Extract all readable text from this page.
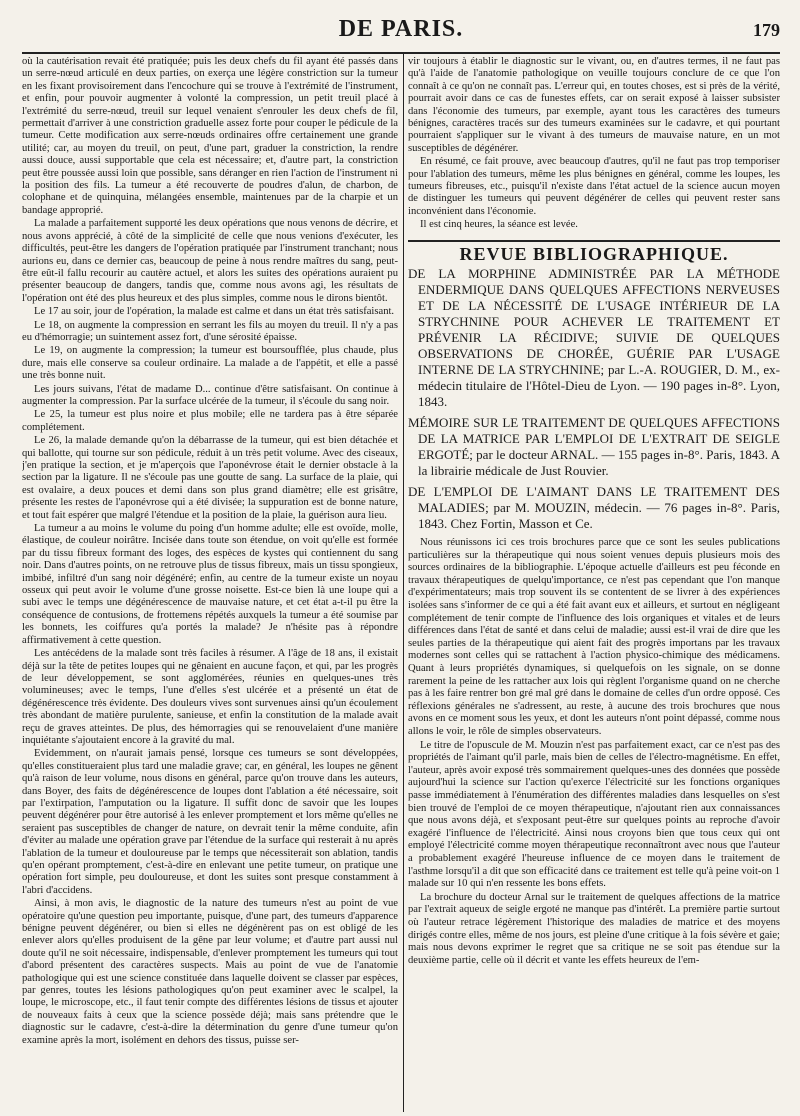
DE PARIS.	179

où la cautérisation revait été pratiquée; puis les deux chefs du fil ayant été passés dans un serre-nœud articulé en deux parties, on exerça une légère constriction sur la tumeur en les fixant provisoirement dans l'encochure qui se trouve à l'extrémité de l'instrument, et enfin, pour pouvoir augmenter à volonté la compression, un petit treuil placé à l'extrémité du serre-nœud, treuil sur lequel venaient s'enrouler les deux chefs de fil, permettait d'arriver à une constriction graduelle assez forte pour couper le pédicule de la tumeur. Cette modification aux serre-nœuds ordinaires offre certainement une grande utilité; car, au moyen du treuil, on peut, d'une part, graduer la constriction, la rendre aussi douce, aussi supportable que cela est nécessaire; et, d'autre part, la constriction peut être poussée aussi loin que possible, sans déranger en rien l'action de l'instrument ni la position des fils. La tumeur a été recouverte de poudres d'alun, de charbon, de colophane et de quinquina, mélangées ensemble, maintenues par de la charpie et un bandage approprié.

La malade a parfaitement supporté les deux opérations que nous venons de décrire, et nous avons apprécié, à côté de la simplicité de celle que nous venions d'exécuter, les difficultés, peut-être les dangers de l'opération pratiquée par l'instrument tranchant; nous aurions eu, dans ce dernier cas, beaucoup de peine à nous rendre maîtres du sang, peut-être eût-il fallu recourir au cautère actuel, et alors les suites des opérations auraient pu présenter beaucoup de dangers, tandis que, comme nous avons agi, les résultats de l'opération ont été des plus heureux et des plus simples, comme nous le dirons bientôt.

Le 17 au soir, jour de l'opération, la malade est calme et dans un état très satisfaisant.

Le 18, on augmente la compression en serrant les fils au moyen du treuil. Il n'y a pas eu d'hémorragie; un suintement assez fort, d'une sérosité épaisse.

Le 19, on augmente la compression; la tumeur est boursoufflée, plus chaude, plus dure, mais elle conserve sa couleur ordinaire. La malade a de l'appétit, et elle a passé une très bonne nuit.

Les jours suivans, l'état de madame D... continue d'être satisfaisant. On continue à augmenter la compression. Par la surface ulcérée de la tumeur, il s'écoule du sang noir.

Le 25, la tumeur est plus noire et plus mobile; elle ne tardera pas à être séparée complétement.

Le 26, la malade demande qu'on la débarrasse de la tumeur, qui est bien détachée et qui ballotte, qui tourne sur son pédicule, réduit à un très petit volume. Avec des ciseaux, j'en pratique la section, et je m'aperçois que l'aponévrose était le dernier obstacle à la section par la ligature. Il ne s'écoule pas une goutte de sang. La surface de la plaie, qui est ovalaire, a deux pouces et demi dans son plus grand diamètre; elle est grisâtre, présente les restes de l'aponévrose qui a été divisée; la suppuration est de bonne nature, et tout fait espérer que malgré l'étendue et la position de la plaie, la guérison aura lieu.

La tumeur a au moins le volume du poing d'un homme adulte; elle est ovoïde, molle, élastique, de couleur noirâtre. Incisée dans toute son étendue, on voit qu'elle est formée par du tissu fibreux formant des loges, des espèces de kystes qui contiennent du sang noir. Dans d'autres points, on ne retrouve plus de tissus fibreux, mais un tissu spongieux, imbibé, infiltré d'un sang noir dégénéré; enfin, au centre de la tumeur existe un noyau osseux qui peut avoir le volume d'une grosse noisette. Est-ce bien là une loupe qui a subi avec le temps une dégénérescence de mauvaise nature, et cet état a-t-il pu être la conséquence de contusions, de frottemens répétés auxquels la tumeur a été soumise par les bonnets, les coiffures qu'a portés la malade? Je n'hésite pas à répondre affirmativement à cette question.

Les antécédens de la malade sont très faciles à résumer. A l'âge de 18 ans, il existait déjà sur la tête de petites loupes qui ne gênaient en aucune façon, et qui, par les progrès de leur développement, se sont agglomérées, réunies en quelques-unes très volumineuses; avec le temps, l'une d'elles s'est ulcérée et a présenté un état de dégénérescence très évidente. Des douleurs vives sont survenues ainsi qu'un écoulement très abondant de matière purulente, sanieuse, et enfin la constitution de la malade avait reçu de graves atteintes. De plus, des hémorragies qui se renouvelaient d'une manière inquiétante s'ajoutaient encore à la gravité du mal.

Evidemment, on n'aurait jamais pensé, lorsque ces tumeurs se sont développées, qu'elles constitueraient plus tard une maladie grave; car, en général, les loupes ne gênent qu'à raison de leur volume, nous disons en général, parce qu'on trouve dans les auteurs, dans Boyer, des faits de dégénérescence de loupes dont l'ablation a été nécessaire, soit par l'extirpation, l'amputation ou la ligature. Il suffit donc de savoir que les loupes peuvent dégénérer pour être autorisé à les enlever promptement et lors même qu'elles ne seraient pas susceptibles de changer de nature, on devrait tenir la même conduite, afin d'éviter au malade une opération grave par l'étendue de la surface qui resterait à nu après l'ablation de la tumeur et douloureuse par le temps que nécessiterait son ablation, tandis qu'en opérant promptement, c'est-à-dire en enlevant une petite tumeur, on pratique une opération fort simple, peu douloureuse, et dont les suites sont presque constamment à l'abri d'accidens.

Ainsi, à mon avis, le diagnostic de la nature des tumeurs n'est au point de vue opératoire qu'une question peu importante, puisque, d'une part, des tumeurs d'apparence bénigne peuvent dégénérer, ou bien si elles ne dégénèrent pas on est obligé de les enlever alors qu'elles produisent de la gêne par leur volume; et d'autre part aussi nul doute qu'il ne soit nécessaire, indispensable, d'enlever promptement les tumeurs qui tout d'abord présentent des caractères suspects. Mais au point de vue de l'anatomie pathologique qui est une science constituée dans laquelle doivent se classer par espèces, par genres, toutes les lésions pathologiques qu'on peut examiner avec le scalpel, la loupe, le microscope, etc., il faut tenir compte des différentes lésions de tissus et ajouter de nouveaux faits à ceux que la science possède déjà; mais sans prétendre que le diagnostic sur le cadavre, c'est-à-dire la détermination du genre d'une tumeur qu'on examine après la mort, isolément en dehors des tissus, puisse ser-

vir toujours à établir le diagnostic sur le vivant, ou, en d'autres termes, il ne faut pas qu'à l'aide de l'anatomie pathologique on veuille toujours conclure de ce que l'on connaît à ce qu'on ne connaît pas. L'erreur qui, en toutes choses, est si près de la vérité, pourrait avoir dans ce cas de funestes effets, car on serait exposé à laisser subsister dans l'économie des tumeurs, par exemple, ayant tous les caractères des tumeurs bénignes, caractères tracés sur des tumeurs examinées sur le cadavre, et qui pourtant pourraient s'appliquer sur le vivant à des tumeurs de mauvaise nature, en un mot susceptibles de dégénérer.

En résumé, ce fait prouve, avec beaucoup d'autres, qu'il ne faut pas trop temporiser pour l'ablation des tumeurs, même les plus bénignes en général, comme les loupes, les tumeurs fibreuses, etc., puisqu'il n'existe dans l'état actuel de la science aucun moyen de distinguer les tumeurs qui peuvent dégénérer de celles qui peuvent rester sans inconvénient dans l'économie.

Il est cinq heures, la séance est levée.

REVUE BIBLIOGRAPHIQUE.
DE LA MORPHINE ADMINISTRÉE PAR LA MÉTHODE ENDERMIQUE DANS QUELQUES AFFECTIONS NERVEUSES ET DE LA NÉCESSITÉ DE L'USAGE INTÉRIEUR DE LA STRYCHNINE POUR ACHEVER LE TRAITEMENT ET PRÉVENIR LA RÉCIDIVE; SUIVIE DE QUELQUES OBSERVATIONS DE CHORÉE, GUÉRIE PAR L'USAGE INTERNE DE LA STRYCHNINE; par L.-A. ROUGIER, D. M., ex-médecin titulaire de l'Hôtel-Dieu de Lyon. — 190 pages in-8°. Lyon, 1843.
MÉMOIRE SUR LE TRAITEMENT DE QUELQUES AFFECTIONS DE LA MATRICE PAR L'EMPLOI DE L'EXTRAIT DE SEIGLE ERGOTÉ; par le docteur ARNAL. — 155 pages in-8°. Paris, 1843. A la librairie médicale de Just Rouvier.
DE L'EMPLOI DE L'AIMANT DANS LE TRAITEMENT DES MALADIES; par M. MOUZIN, médecin. — 76 pages in-8°. Paris, 1843. Chez Fortin, Masson et Ce.

Nous réunissons ici ces trois brochures parce que ce sont les seules publications particulières sur la thérapeutique qui nous soient venues depuis plusieurs mois des sources ordinaires de la bibliographie. L'époque actuelle d'ailleurs est peu féconde en travaux thérapeutiques de quelqu'importance, ce n'est pas cependant que l'on manque d'expérimentateurs; mais trop souvent ils se contentent de se livrer à des expériences isolées sans s'informer de ce qui a été fait avant eux et ailleurs, et surtout en négligeant complétement de tenir compte de l'influence des lois organiques et vitales et de leurs différences dans l'état de santé et dans celui de maladie; aussi est-il vrai de dire que les seules parties de la thérapeutique qui aient fait des progrès importans par les travaux modernes sont celles qui se rattachent à l'action physico-chimique des médicamens. Quant à leurs propriétés dynamiques, si quelquefois on les signale, on se donne rarement la peine de les rattacher aux lois qui règlent l'organisme quand on ne cherche pas à les faire rentrer bon gré mal gré dans le domaine de celles d'un ordre opposé. Ces réflexions générales ne s'adressent, au reste, à aucune des trois brochures que nous avons en ce moment sous les yeux, et dont les auteurs n'ont point dépassé, comme nous allons le voir, le rôle de simples observateurs.

Le titre de l'opuscule de M. Mouzin n'est pas parfaitement exact, car ce n'est pas des propriétés de l'aimant qu'il parle, mais bien de celles de l'électro-magnétisme. En effet, l'auteur, après avoir exposé très sommairement quelques-unes des données que possède aujourd'hui la science sur l'action qu'exerce l'électricité sur les fonctions organiques passe immédiatement à l'énumération des différentes maladies dans lesquelles on s'est bien trouvé de l'emploi de ce moyen thérapeutique, n'ajoutant rien aux connaissances que nous avons déjà, et s'exposant peut-être sur quelques points au reproche d'avoir exagéré l'influence de l'électricité. Ainsi nous croyons bien que tous ceux qui ont employé l'électricité comme moyen thérapeutique reconnaîtront avec nous que l'auteur a probablement exagéré l'heureuse influence de ce moyen dans le traitement de l'asthme lorsqu'il a dit que son efficacité dans ce traitement est telle qu'à peine voit-on 1 malade sur 10 qui n'en ressente les bons effets.

La brochure du docteur Arnal sur le traitement de quelques affections de la matrice par l'extrait aqueux de seigle ergoté ne manque pas d'intérêt. La première partie surtout où l'auteur retrace légèrement l'historique des maladies de matrice et des moyens dirigés contre elles, même de nos jours, est pleine d'une critique à la fois sévère et gaie; mais nous devons exprimer le regret que sa critique ne se soit pas étendue sur la deuxième partie, celle où il décrit et vante les effets heureux de l'em-
